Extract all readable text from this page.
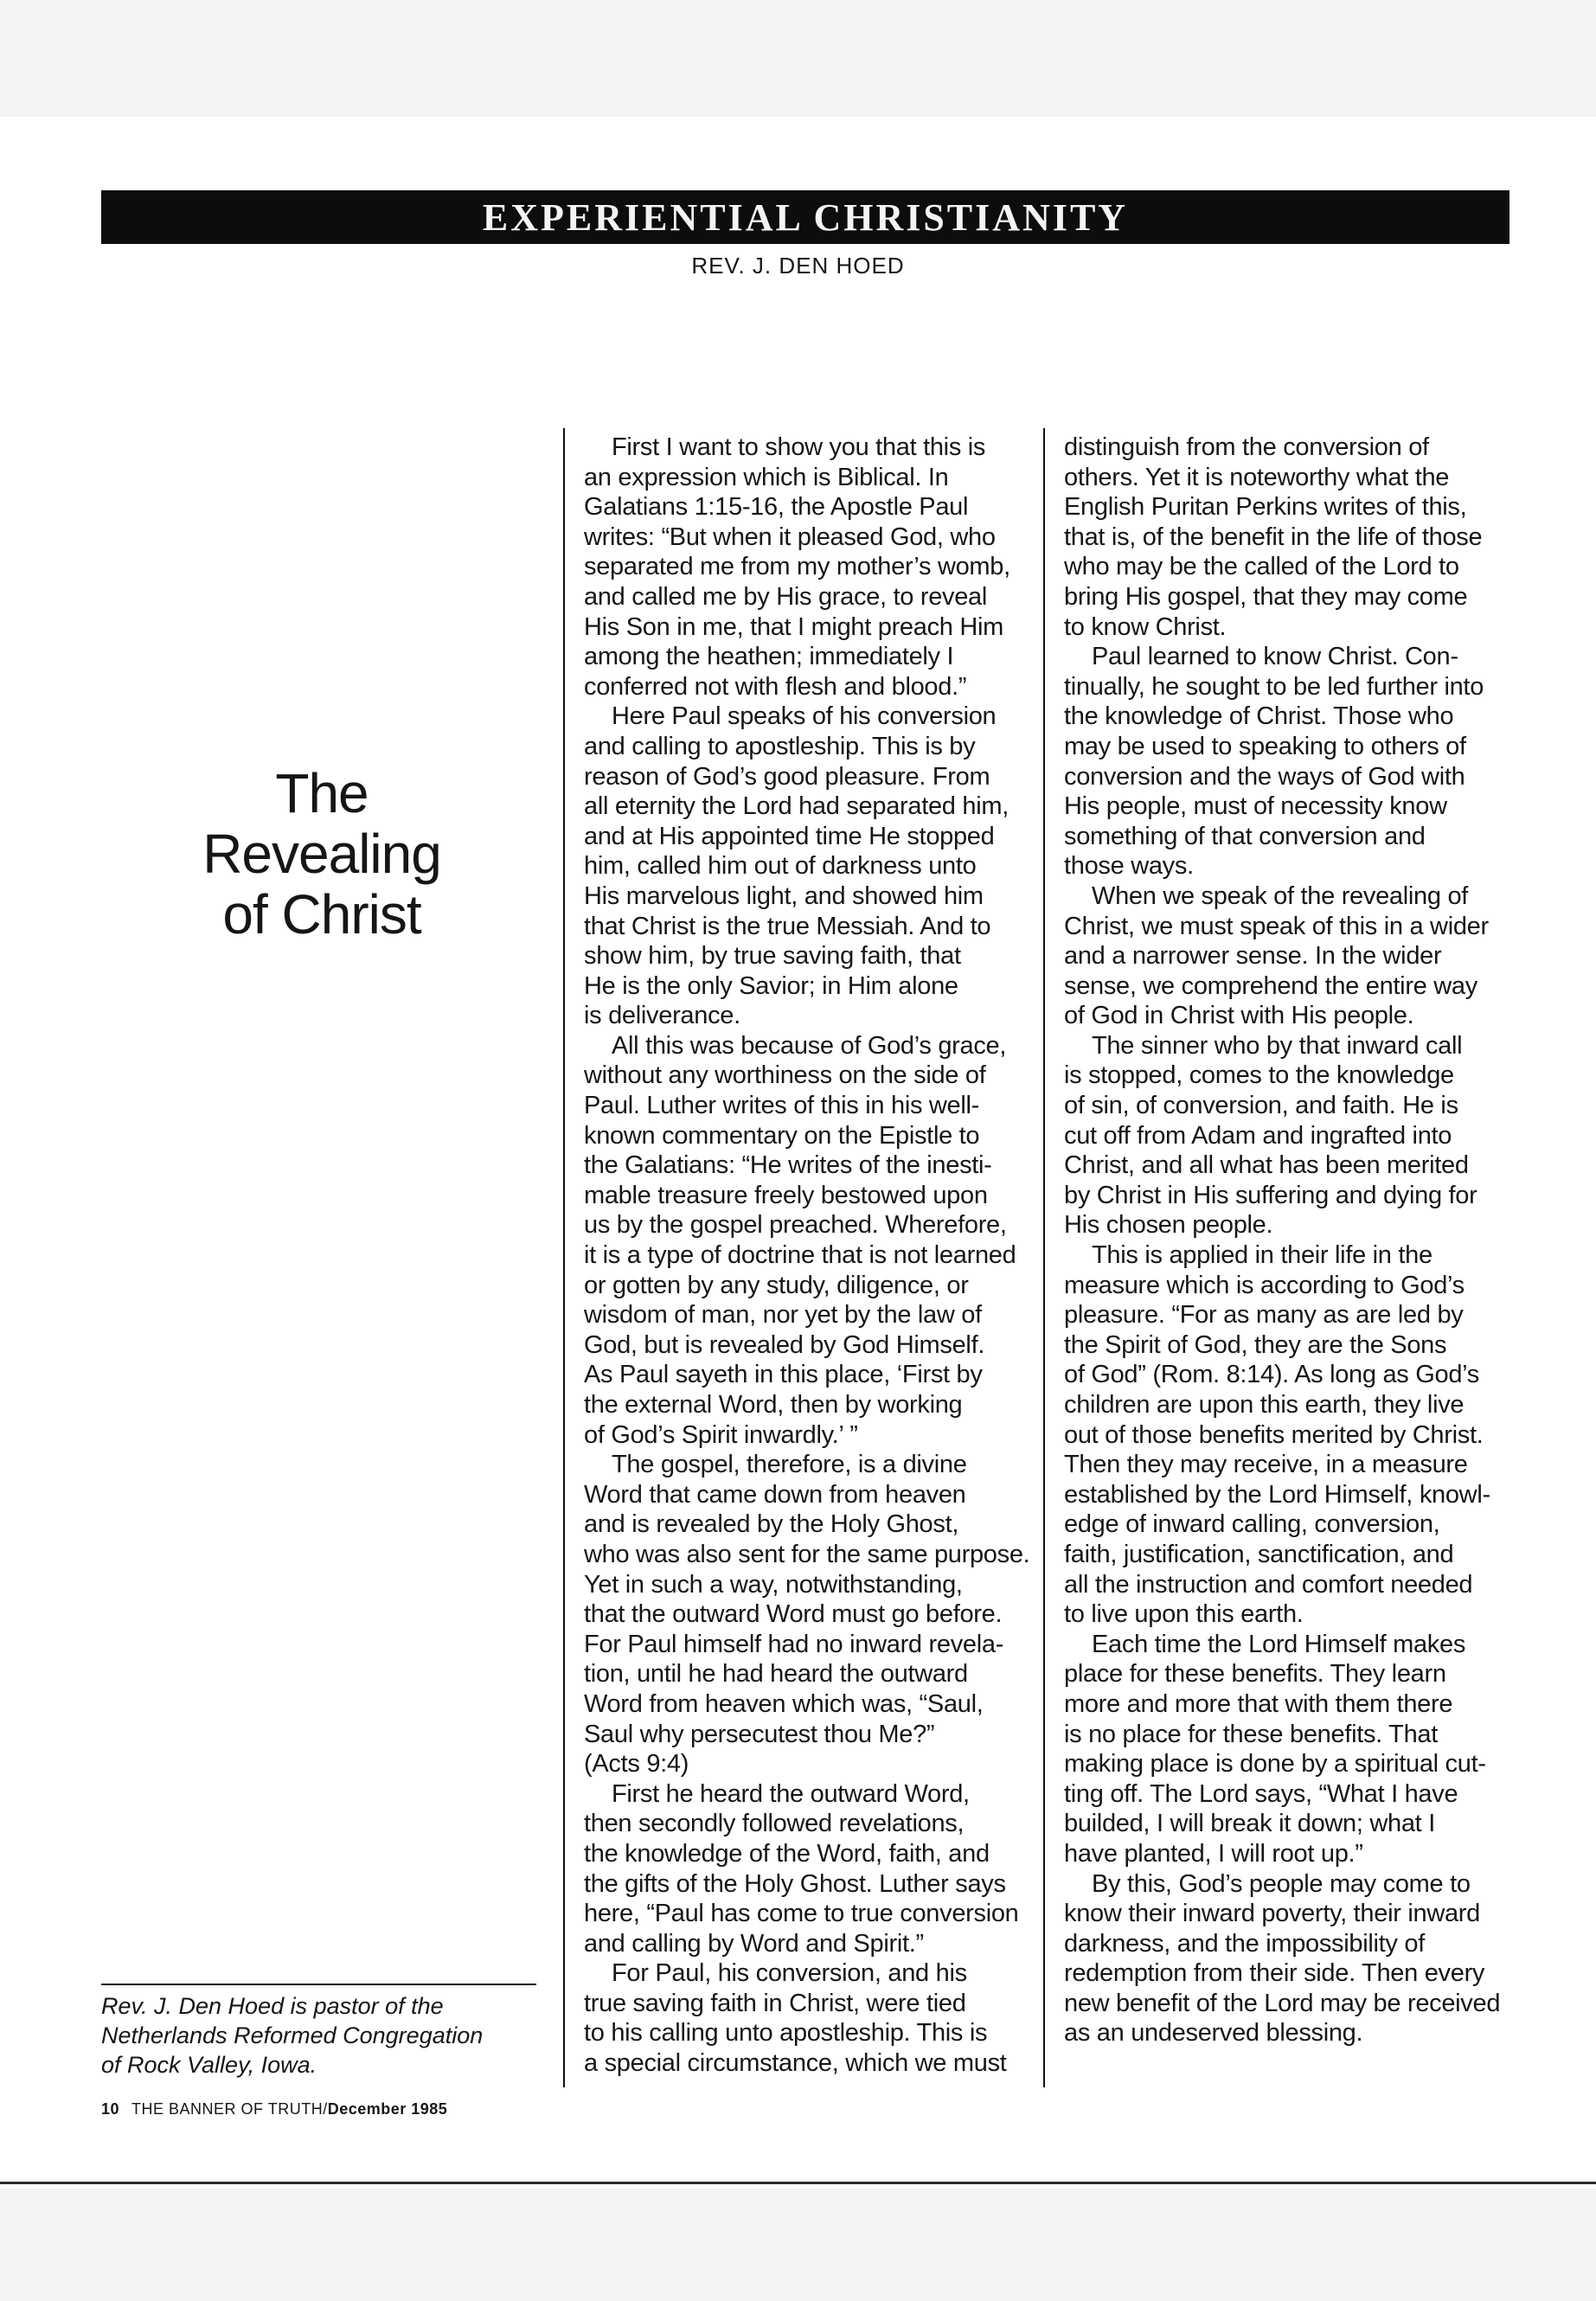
EXPERIENTIAL CHRISTIANITY
REV. J. DEN HOED
The
Revealing
of Christ
First I want to show you that this is
an expression which is Biblical. In
Galatians 1:15-16, the Apostle Paul
writes: “But when it pleased God, who
separated me from my mother’s womb,
and called me by His grace, to reveal
His Son in me, that I might preach Him
among the heathen; immediately I
conferred not with flesh and blood.”
Here Paul speaks of his conversion
and calling to apostleship. This is by
reason of God’s good pleasure. From
all eternity the Lord had separated him,
and at His appointed time He stopped
him, called him out of darkness unto
His marvelous light, and showed him
that Christ is the true Messiah. And to
show him, by true saving faith, that
He is the only Savior; in Him alone
is deliverance.
All this was because of God’s grace,
without any worthiness on the side of
Paul. Luther writes of this in his well-
known commentary on the Epistle to
the Galatians: “He writes of the inesti-
mable treasure freely bestowed upon
us by the gospel preached. Wherefore,
it is a type of doctrine that is not learned
or gotten by any study, diligence, or
wisdom of man, nor yet by the law of
God, but is revealed by God Himself.
As Paul sayeth in this place, ‘First by
the external Word, then by working
of God’s Spirit inwardly.’ ”
The gospel, therefore, is a divine
Word that came down from heaven
and is revealed by the Holy Ghost,
who was also sent for the same purpose.
Yet in such a way, notwithstanding,
that the outward Word must go before.
For Paul himself had no inward revela-
tion, until he had heard the outward
Word from heaven which was, “Saul,
Saul why persecutest thou Me?”
(Acts 9:4)
First he heard the outward Word,
then secondly followed revelations,
the knowledge of the Word, faith, and
the gifts of the Holy Ghost. Luther says
here, “Paul has come to true conversion
and calling by Word and Spirit.”
For Paul, his conversion, and his
true saving faith in Christ, were tied
to his calling unto apostleship. This is
a special circumstance, which we must
distinguish from the conversion of
others. Yet it is noteworthy what the
English Puritan Perkins writes of this,
that is, of the benefit in the life of those
who may be the called of the Lord to
bring His gospel, that they may come
to know Christ.
Paul learned to know Christ. Con-
tinually, he sought to be led further into
the knowledge of Christ. Those who
may be used to speaking to others of
conversion and the ways of God with
His people, must of necessity know
something of that conversion and
those ways.
When we speak of the revealing of
Christ, we must speak of this in a wider
and a narrower sense. In the wider
sense, we comprehend the entire way
of God in Christ with His people.
The sinner who by that inward call
is stopped, comes to the knowledge
of sin, of conversion, and faith. He is
cut off from Adam and ingrafted into
Christ, and all what has been merited
by Christ in His suffering and dying for
His chosen people.
This is applied in their life in the
measure which is according to God’s
pleasure. “For as many as are led by
the Spirit of God, they are the Sons
of God” (Rom. 8:14). As long as God’s
children are upon this earth, they live
out of those benefits merited by Christ.
Then they may receive, in a measure
established by the Lord Himself, knowl-
edge of inward calling, conversion,
faith, justification, sanctification, and
all the instruction and comfort needed
to live upon this earth.
Each time the Lord Himself makes
place for these benefits. They learn
more and more that with them there
is no place for these benefits. That
making place is done by a spiritual cut-
ting off. The Lord says, “What I have
builded, I will break it down; what I
have planted, I will root up.”
By this, God’s people may come to
know their inward poverty, their inward
darkness, and the impossibility of
redemption from their side. Then every
new benefit of the Lord may be received
as an undeserved blessing.
Rev. J. Den Hoed is pastor of the
Netherlands Reformed Congregation
of Rock Valley, Iowa.
10 THE BANNER OF TRUTH/December 1985
